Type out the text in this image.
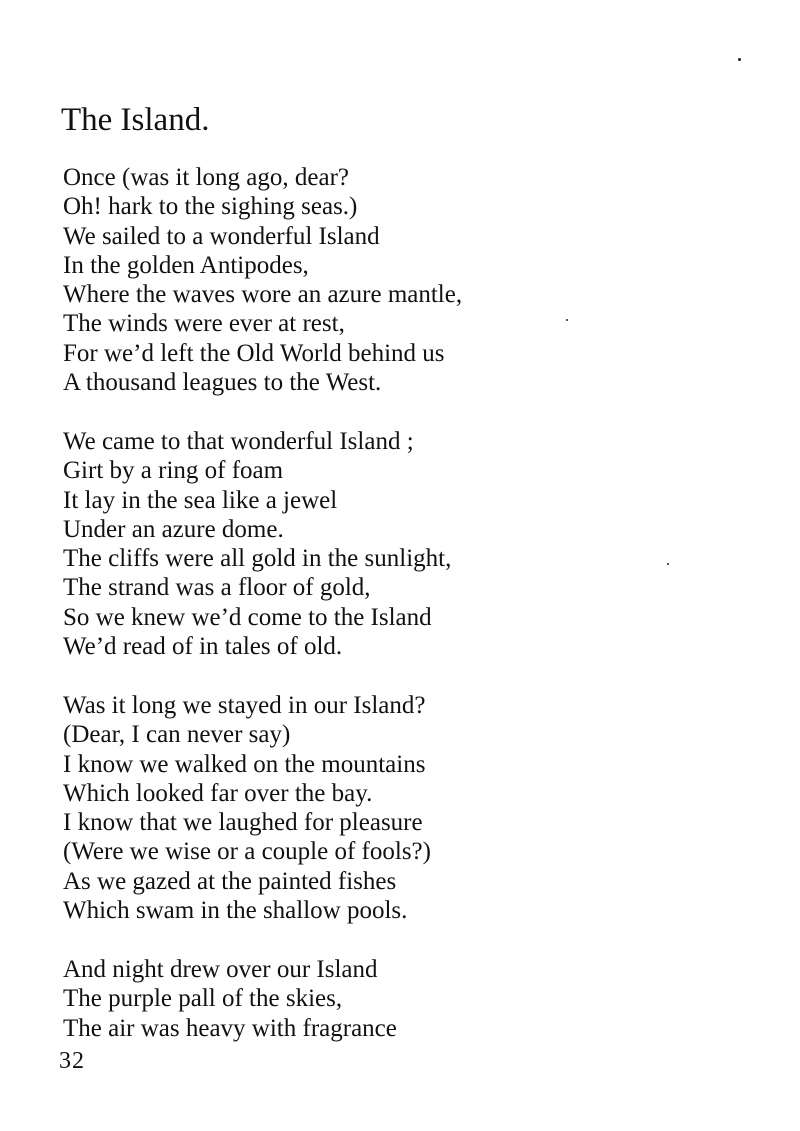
The Island.
Once (was it long ago, dear?
Oh! hark to the sighing seas.)
We sailed to a wonderful Island
In the golden Antipodes,
Where the waves wore an azure mantle,
The winds were ever at rest,
For we’d left the Old World behind us
A thousand leagues to the West.
We came to that wonderful Island ;
Girt by a ring of foam
It lay in the sea like a jewel
Under an azure dome.
The cliffs were all gold in the sunlight,
The strand was a floor of gold,
So we knew we’d come to the Island
We’d read of in tales of old.
Was it long we stayed in our Island?
(Dear, I can never say)
I know we walked on the mountains
Which looked far over the bay.
I know that we laughed for pleasure
(Were we wise or a couple of fools?)
As we gazed at the painted fishes
Which swam in the shallow pools.
And night drew over our Island
The purple pall of the skies,
The air was heavy with fragrance
32
